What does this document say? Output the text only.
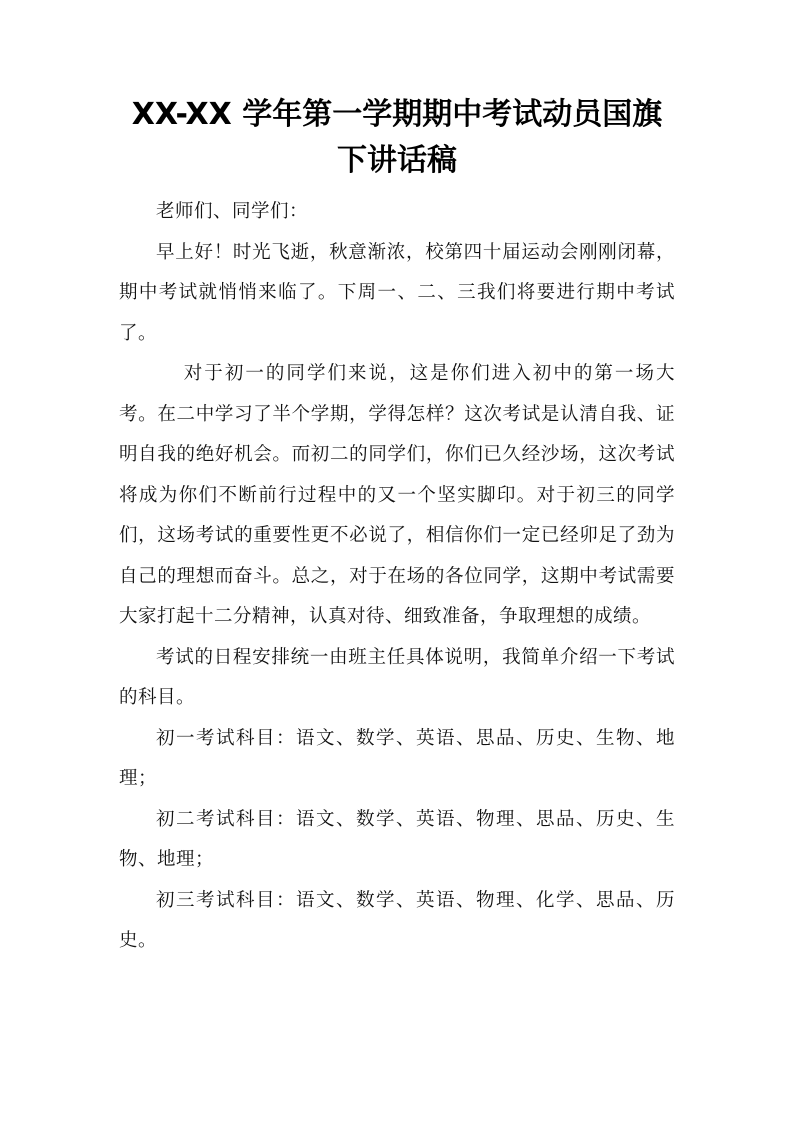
XX-XX 学年第一学期期中考试动员国旗
下讲话稿

老师们、同学们：

早上好！时光飞逝，秋意渐浓，校第四十届运动会刚刚闭幕，期中考试就悄悄来临了。下周一、二、三我们将要进行期中考试了。

对于初一的同学们来说，这是你们进入初中的第一场大考。在二中学习了半个学期，学得怎样？这次考试是认清自我、证明自我的绝好机会。而初二的同学们，你们已久经沙场，这次考试将成为你们不断前行过程中的又一个坚实脚印。对于初三的同学们，这场考试的重要性更不必说了，相信你们一定已经卯足了劲为自己的理想而奋斗。总之，对于在场的各位同学，这期中考试需要大家打起十二分精神，认真对待、细致准备，争取理想的成绩。

考试的日程安排统一由班主任具体说明，我简单介绍一下考试的科目。

初一考试科目：语文、数学、英语、思品、历史、生物、地理；

初二考试科目：语文、数学、英语、物理、思品、历史、生物、地理；

初三考试科目：语文、数学、英语、物理、化学、思品、历史。
